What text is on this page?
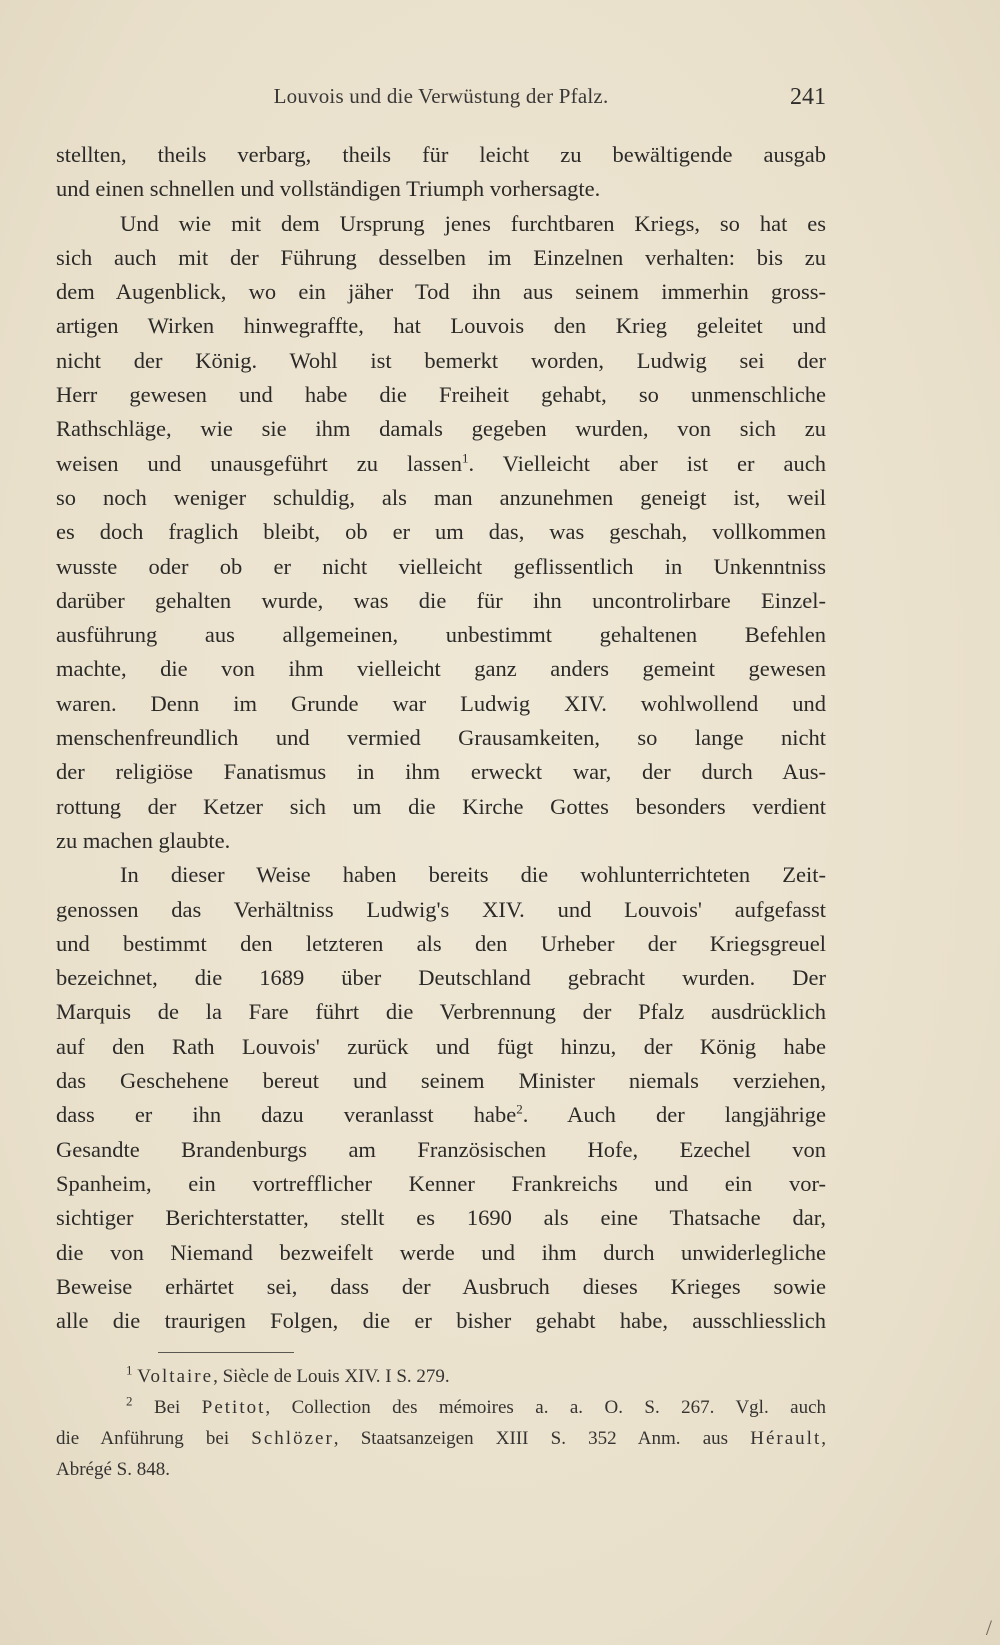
Louvois und die Verwüstung der Pfalz.	241
stellten, theils verbarg, theils für leicht zu bewältigende ausgab
und einen schnellen und vollständigen Triumph vorhersagte.
Und wie mit dem Ursprung jenes furchtbaren Kriegs, so hat es
sich auch mit der Führung desselben im Einzelnen verhalten: bis zu
dem Augenblick, wo ein jäher Tod ihn aus seinem immerhin gross-
artigen Wirken hinwegraffte, hat Louvois den Krieg geleitet und
nicht der König. Wohl ist bemerkt worden, Ludwig sei der
Herr gewesen und habe die Freiheit gehabt, so unmenschliche
Rathschläge, wie sie ihm damals gegeben wurden, von sich zu
weisen und unausgeführt zu lassen$^1$. Vielleicht aber ist er auch
so noch weniger schuldig, als man anzunehmen geneigt ist, weil
es doch fraglich bleibt, ob er um das, was geschah, vollkommen
wusste oder ob er nicht vielleicht geflissentlich in Unkenntniss
darüber gehalten wurde, was die für ihn uncontrolirbare Einzel-
ausführung aus allgemeinen, unbestimmt gehaltenen Befehlen
machte, die von ihm vielleicht ganz anders gemeint gewesen
waren. Denn im Grunde war Ludwig XIV. wohlwollend und
menschenfreundlich und vermied Grausamkeiten, so lange nicht
der religiöse Fanatismus in ihm erweckt war, der durch Aus-
rottung der Ketzer sich um die Kirche Gottes besonders verdient
zu machen glaubte.
In dieser Weise haben bereits die wohlunterrichteten Zeit-
genossen das Verhältniss Ludwig's XIV. und Louvois' aufgefasst
und bestimmt den letzteren als den Urheber der Kriegsgreuel
bezeichnet, die 1689 über Deutschland gebracht wurden. Der
Marquis de la Fare führt die Verbrennung der Pfalz ausdrücklich
auf den Rath Louvois' zurück und fügt hinzu, der König habe
das Geschehene bereut und seinem Minister niemals verziehen,
dass er ihn dazu veranlasst habe$^2$. Auch der langjährige
Gesandte Brandenburgs am Französischen Hofe, Ezechel von
Spanheim, ein vortrefflicher Kenner Frankreichs und ein vor-
sichtiger Berichterstatter, stellt es 1690 als eine Thatsache dar,
die von Niemand bezweifelt werde und ihm durch unwiderlegliche
Beweise erhärtet sei, dass der Ausbruch dieses Krieges sowie
alle die traurigen Folgen, die er bisher gehabt habe, ausschliesslich
$^1$ Voltaire, Siècle de Louis XIV. I S. 279.
$^2$ Bei Petitot, Collection des mémoires a. a. O. S. 267. Vgl. auch
die Anführung bei Schlözer, Staatsanzeigen XIII S. 352 Anm. aus Hérault,
Abrégé S. 848.
/
